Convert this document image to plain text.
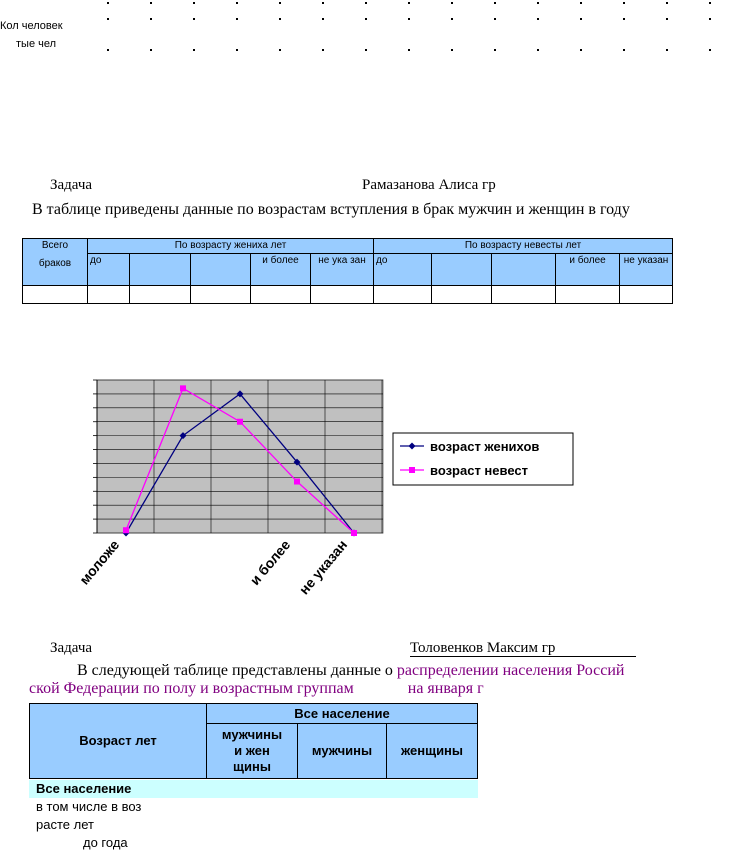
Кол человек
тые чел
Задача	Рамазанова Алиса гр
В таблице приведены данные по возрастам вступления в брак мужчин и женщин в году
Всего
браков	По возрасту жениха лет					По возрасту невесты лет				
	до			и более	не ука зан	до			и более	не указан

моложе	и более не указан
возраст женихов
возраст невест
Задача	Толовенков Максим гр
В следующей таблице представлены данные о распределении населения Россий
ской Федерации по полу и возрастным группам	на января г
Возраст лет	Все население		

	мужчины
и жен
щины	мужчины	женщины
Все население
в том числе в воз
расте лет
до года
